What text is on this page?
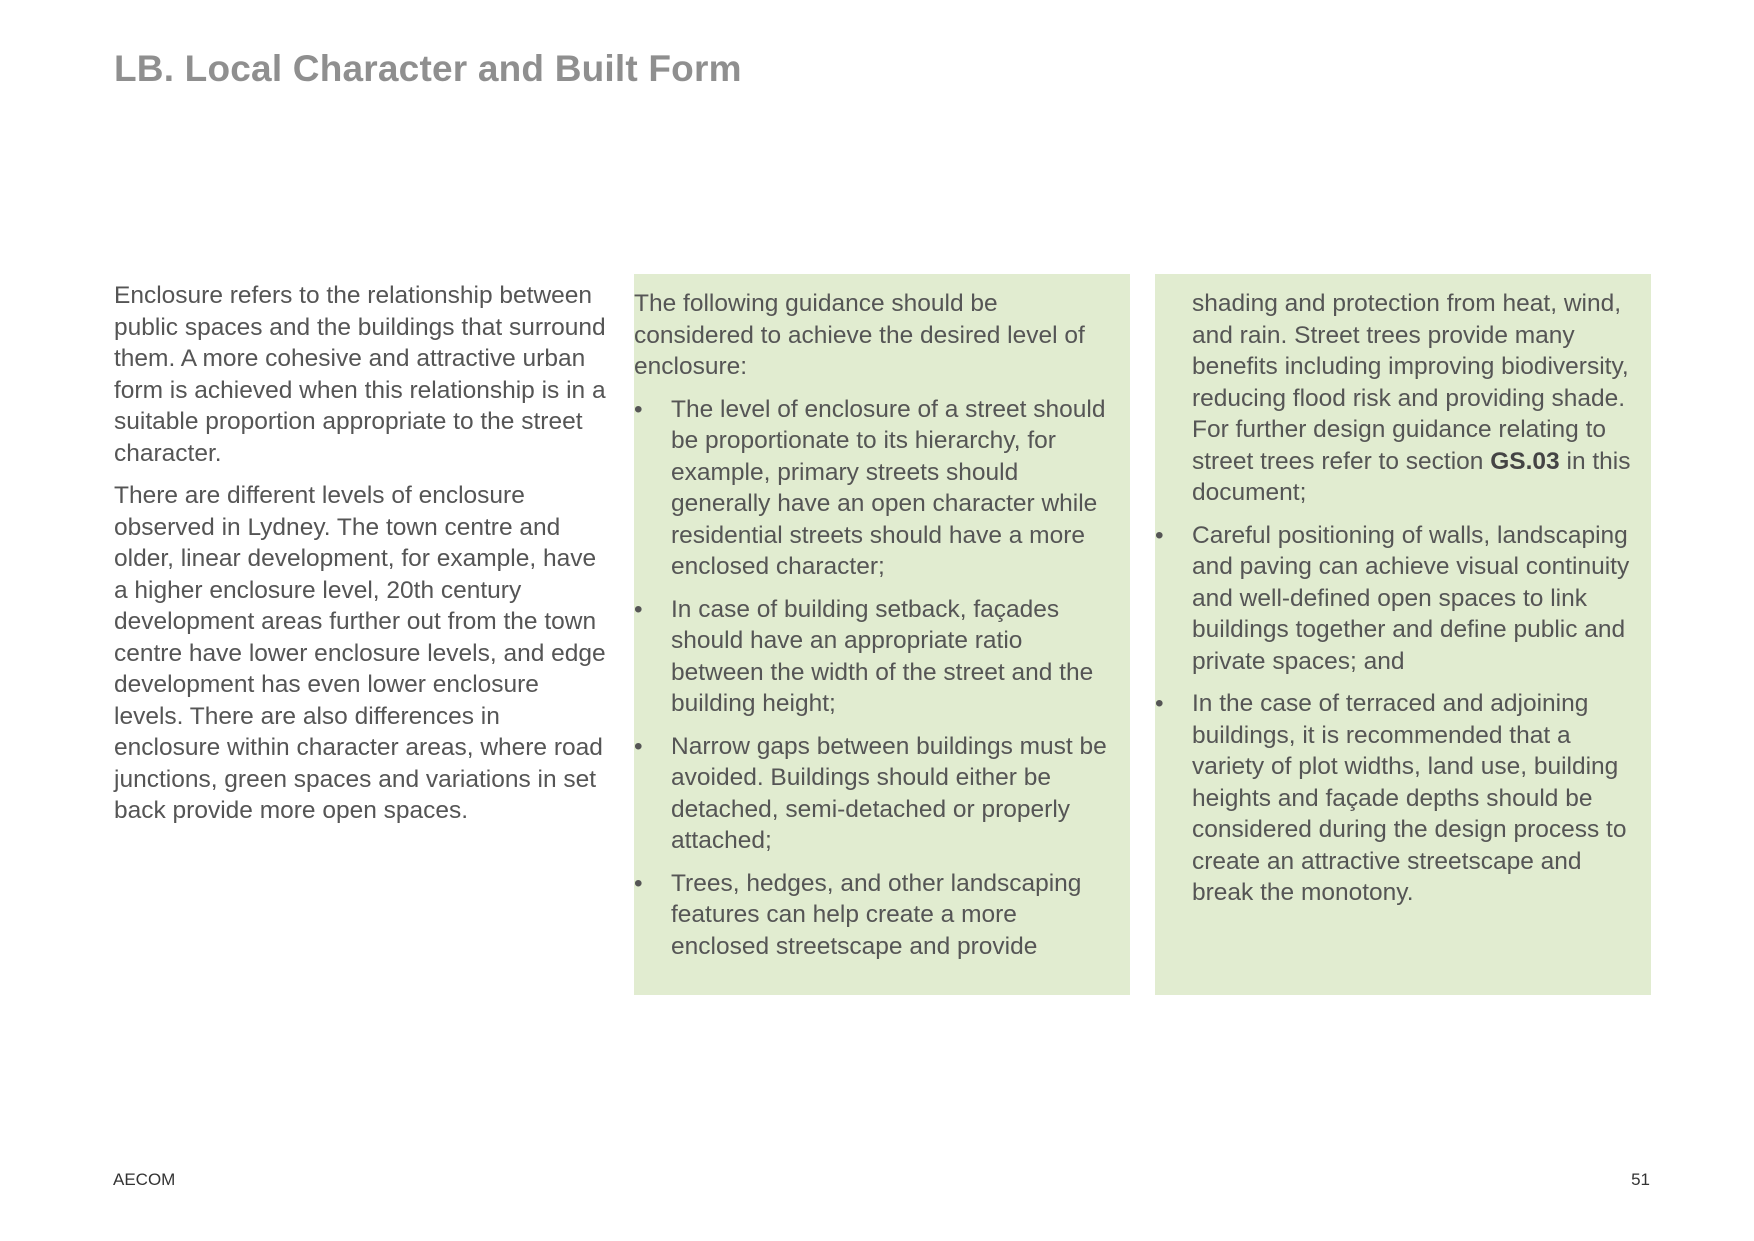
LB. Local Character and Built Form

Enclosure refers to the relationship between public spaces and the buildings that surround them. A more cohesive and attractive urban form is achieved when this relationship is in a suitable proportion appropriate to the street character.

There are different levels of enclosure observed in Lydney. The town centre and older, linear development, for example, have a higher enclosure level, 20th century development areas further out from the town centre have lower enclosure levels, and edge development has even lower enclosure levels. There are also differences in enclosure within character areas, where road junctions, green spaces and variations in set back provide more open spaces.

The following guidance should be considered to achieve the desired level of enclosure:

• The level of enclosure of a street should be proportionate to its hierarchy, for example, primary streets should generally have an open character while residential streets should have a more enclosed character;
• In case of building setback, façades should have an appropriate ratio between the width of the street and the building height;
• Narrow gaps between buildings must be avoided. Buildings should either be detached, semi-detached or properly attached;
• Trees, hedges, and other landscaping features can help create a more enclosed streetscape and provide

shading and protection from heat, wind, and rain. Street trees provide many benefits including improving biodiversity, reducing flood risk and providing shade. For further design guidance relating to street trees refer to section GS.03 in this document;

• Careful positioning of walls, landscaping and paving can achieve visual continuity and well-defined open spaces to link buildings together and define public and private spaces; and
• In the case of terraced and adjoining buildings, it is recommended that a variety of plot widths, land use, building heights and façade depths should be considered during the design process to create an attractive streetscape and break the monotony.
AECOM	51
